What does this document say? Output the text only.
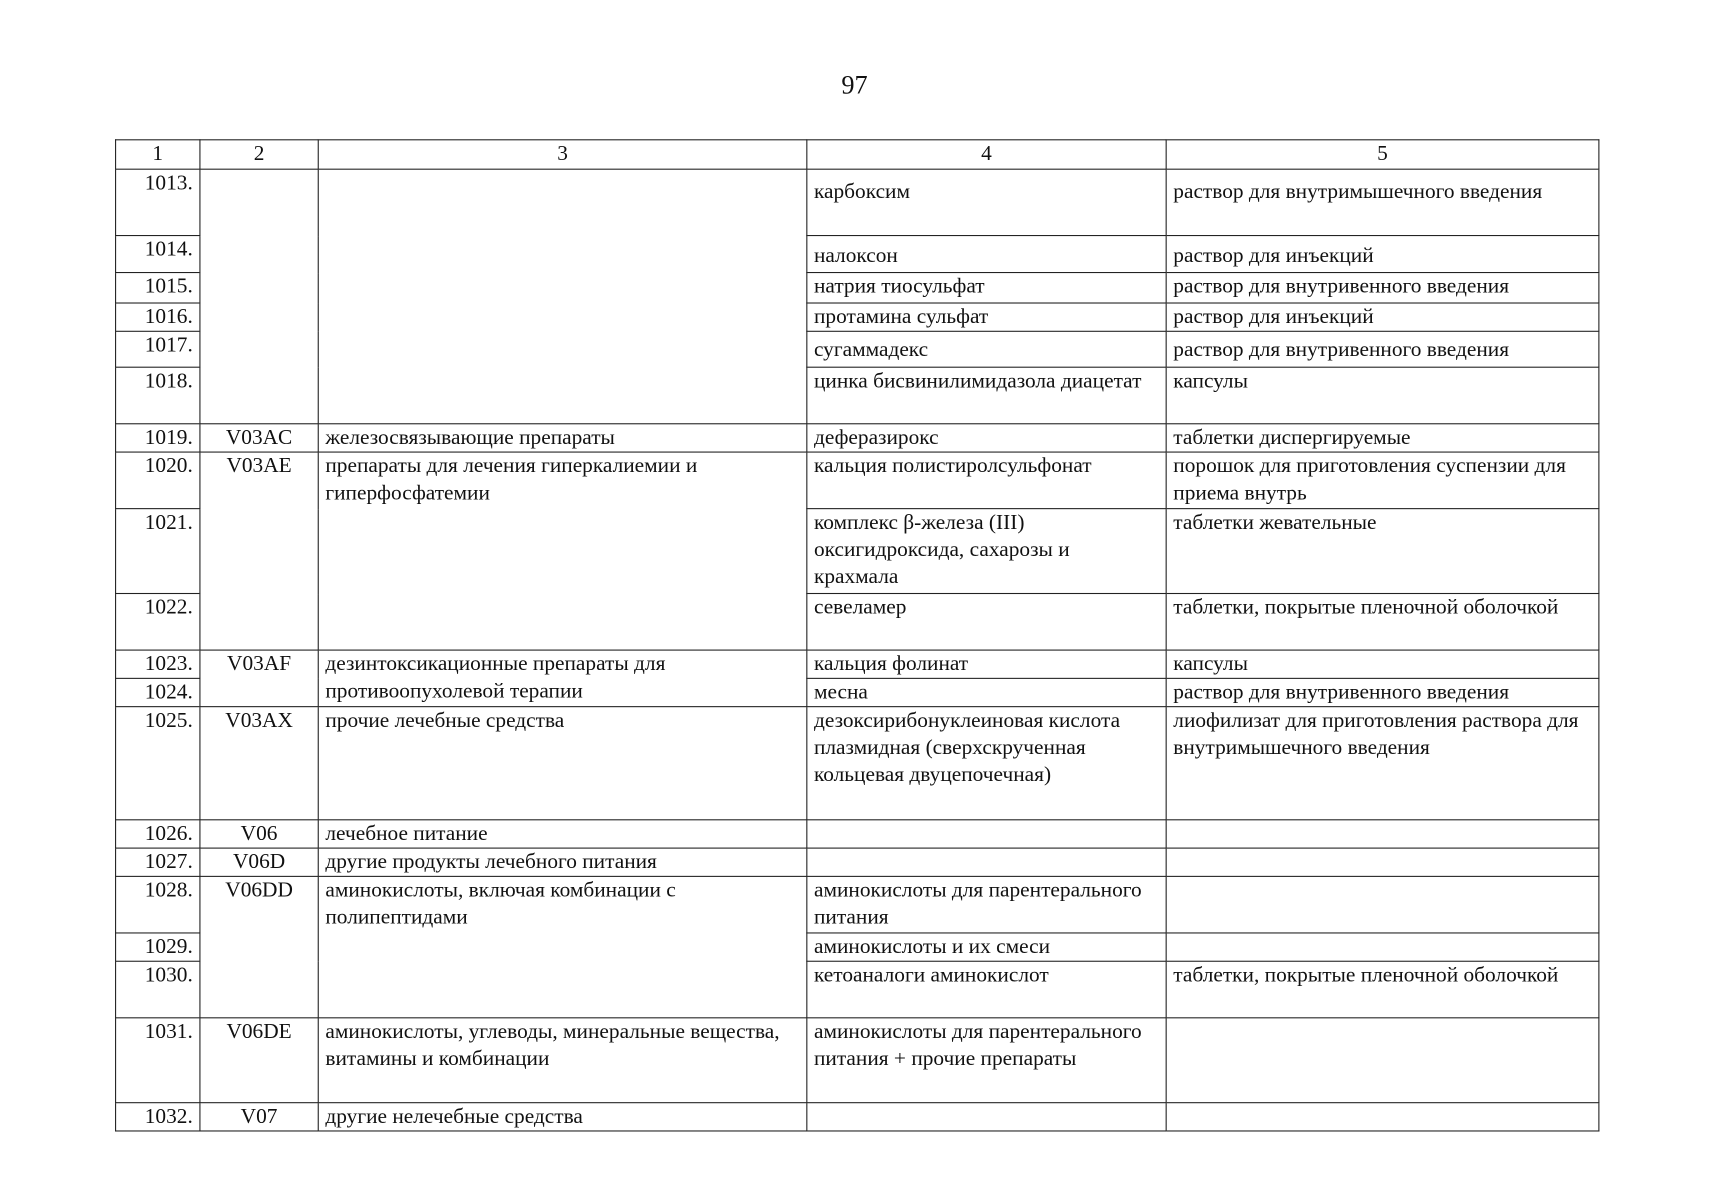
97
1	2	3	4	5
1013.			карбоксим	раствор для внутримышечного введения
1014.			налоксон	раствор для инъекций
1015.			натрия тиосульфат	раствор для внутривенного введения
1016.			протамина сульфат	раствор для инъекций
1017.			сугаммадекс	раствор для внутривенного введения
1018.			цинка бисвинилимидазола диацетат	капсулы
1019.	V03AC	железосвязывающие препараты	деферазирокс	таблетки диспергируемые
1020.	V03AE	препараты для лечения гиперкалиемии и гиперфосфатемии	кальция полистиролсульфонат	порошок для приготовления суспензии для приема внутрь
1021.			комплекс β-железа (III) оксигидроксида, сахарозы и крахмала	таблетки жевательные
1022.			севеламер	таблетки, покрытые пленочной оболочкой
1023.	V03AF	дезинтоксикационные препараты для противоопухолевой терапии	кальция фолинат	капсулы
1024.			месна	раствор для внутривенного введения
1025.	V03AX	прочие лечебные средства	дезоксирибонуклеиновая кислота плазмидная (сверхскрученная кольцевая двуцепочечная)	лиофилизат для приготовления раствора для внутримышечного введения
1026.	V06	лечебное питание		
1027.	V06D	другие продукты лечебного питания		
1028.	V06DD	аминокислоты, включая комбинации с полипептидами	аминокислоты для парентерального питания	
1029.			аминокислоты и их смеси	
1030.			кетоаналоги аминокислот	таблетки, покрытые пленочной оболочкой
1031.	V06DE	аминокислоты, углеводы, минеральные вещества, витамины и комбинации	аминокислоты для парентерального питания + прочие препараты	
1032.	V07	другие нелечебные средства		
